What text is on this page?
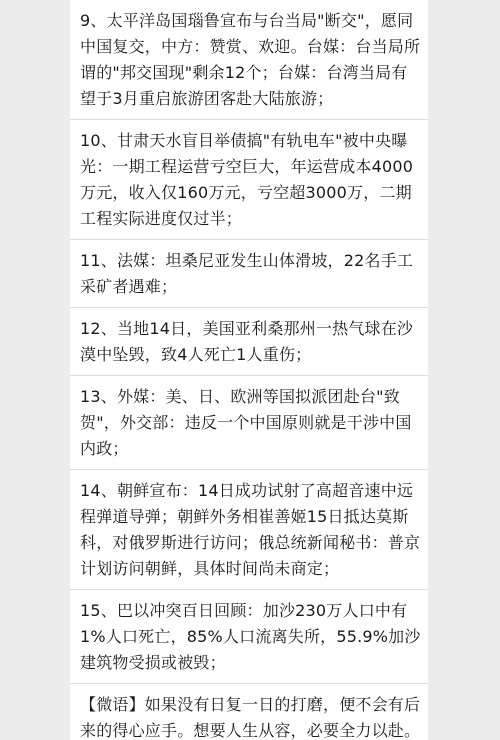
9、太平洋岛国瑙鲁宣布与台当局"断交"，愿同中国复交，中方：赞赏、欢迎。台媒：台当局所谓的"邦交国现"剩余12个；台媒：台湾当局有望于3月重启旅游团客赴大陆旅游；

10、甘肃天水盲目举债搞"有轨电车"被中央曝光：一期工程运营亏空巨大，年运营成本4000万元，收入仅160万元，亏空超3000万，二期工程实际进度仅过半；

11、法媒：坦桑尼亚发生山体滑坡，22名手工采矿者遇难；

12、当地14日，美国亚利桑那州一热气球在沙漠中坠毁，致4人死亡1人重伤；

13、外媒：美、日、欧洲等国拟派团赴台"致贺"，外交部：违反一个中国原则就是干涉中国内政；

14、朝鲜宣布：14日成功试射了高超音速中远程弹道导弹；朝鲜外务相崔善姬15日抵达莫斯科，对俄罗斯进行访问；俄总统新闻秘书：普京计划访问朝鲜，具体时间尚未商定；

15、巴以冲突百日回顾：加沙230万人口中有1%人口死亡，85%人口流离失所，55.9%加沙建筑物受损或被毁；

【微语】如果没有日复一日的打磨，便不会有后来的得心应手。想要人生从容，必要全力以赴。
